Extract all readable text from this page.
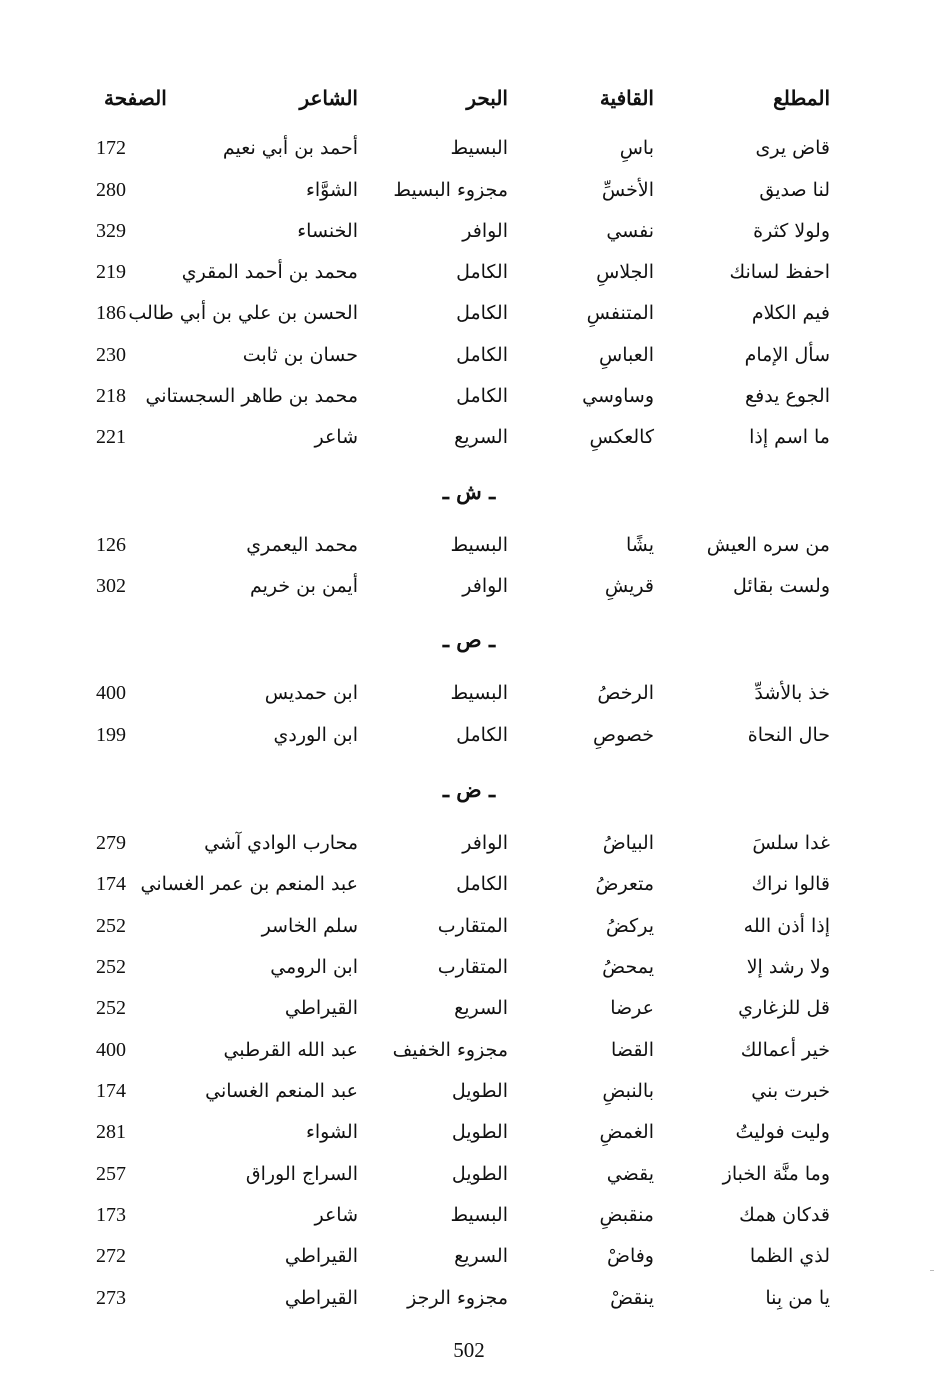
المطلع
القافية
البحر
الشاعر
الصفحة
قاض يرى
باسِ
البسيط
أحمد بن أبي نعيم
172
لنا صديق
الأخسِّ
مجزوء البسيط
الشوَّاء
280
ولولا كثرة
نفسي
الوافر
الخنساء
329
احفظ لسانك
الجلاسِ
الكامل
محمد بن أحمد المقري
219
فيم الكلام
المتنفسِ
الكامل
الحسن بن علي بن أبي طالب
186
سأل الإمام
العباسِ
الكامل
حسان بن ثابت
230
الجوع يدفع
وساوسي
الكامل
محمد بن طاهر السجستاني
218
ما اسم إذا
كالعكسِ
السريع
شاعر
221
ـ ش ـ
من سره العيش
يشًا
البسيط
محمد اليعمري
126
ولست بقائل
قريشِ
الوافر
أيمن بن خريم
302
ـ ص ـ
خذ بالأشدِّ
الرخصُ
البسيط
ابن حمديس
400
حال النحاة
خصوصِ
الكامل
ابن الوردي
199
ـ ض ـ
غدا سلسَ
البياضُ
الوافر
محارب الوادي آشي
279
قالوا نراك
متعرضُ
الكامل
عبد المنعم بن عمر الغساني
174
إذا أذن الله
يركضُ
المتقارب
سلم الخاسر
252
ولا رشد إلا
يمحضُ
المتقارب
ابن الرومي
252
قل للزغاري
عرضا
السريع
القيراطي
252
خير أعمالك
القضا
مجزوء الخفيف
عبد الله القرطبي
400
خبرت بني
بالنبضِ
الطويل
عبد المنعم الغساني
174
وليت فوليتُ
الغمضِ
الطويل
الشواء
281
وما منَّة الخباز
يقضي
الطويل
السراج الوراق
257
قدكان همك
منقبضِ
البسيط
شاعر
173
لذي الظما
وفاضْ
السريع
القيراطي
272
يا من بِنا
ينقضْ
مجزوء الرجز
القيراطي
273
502
